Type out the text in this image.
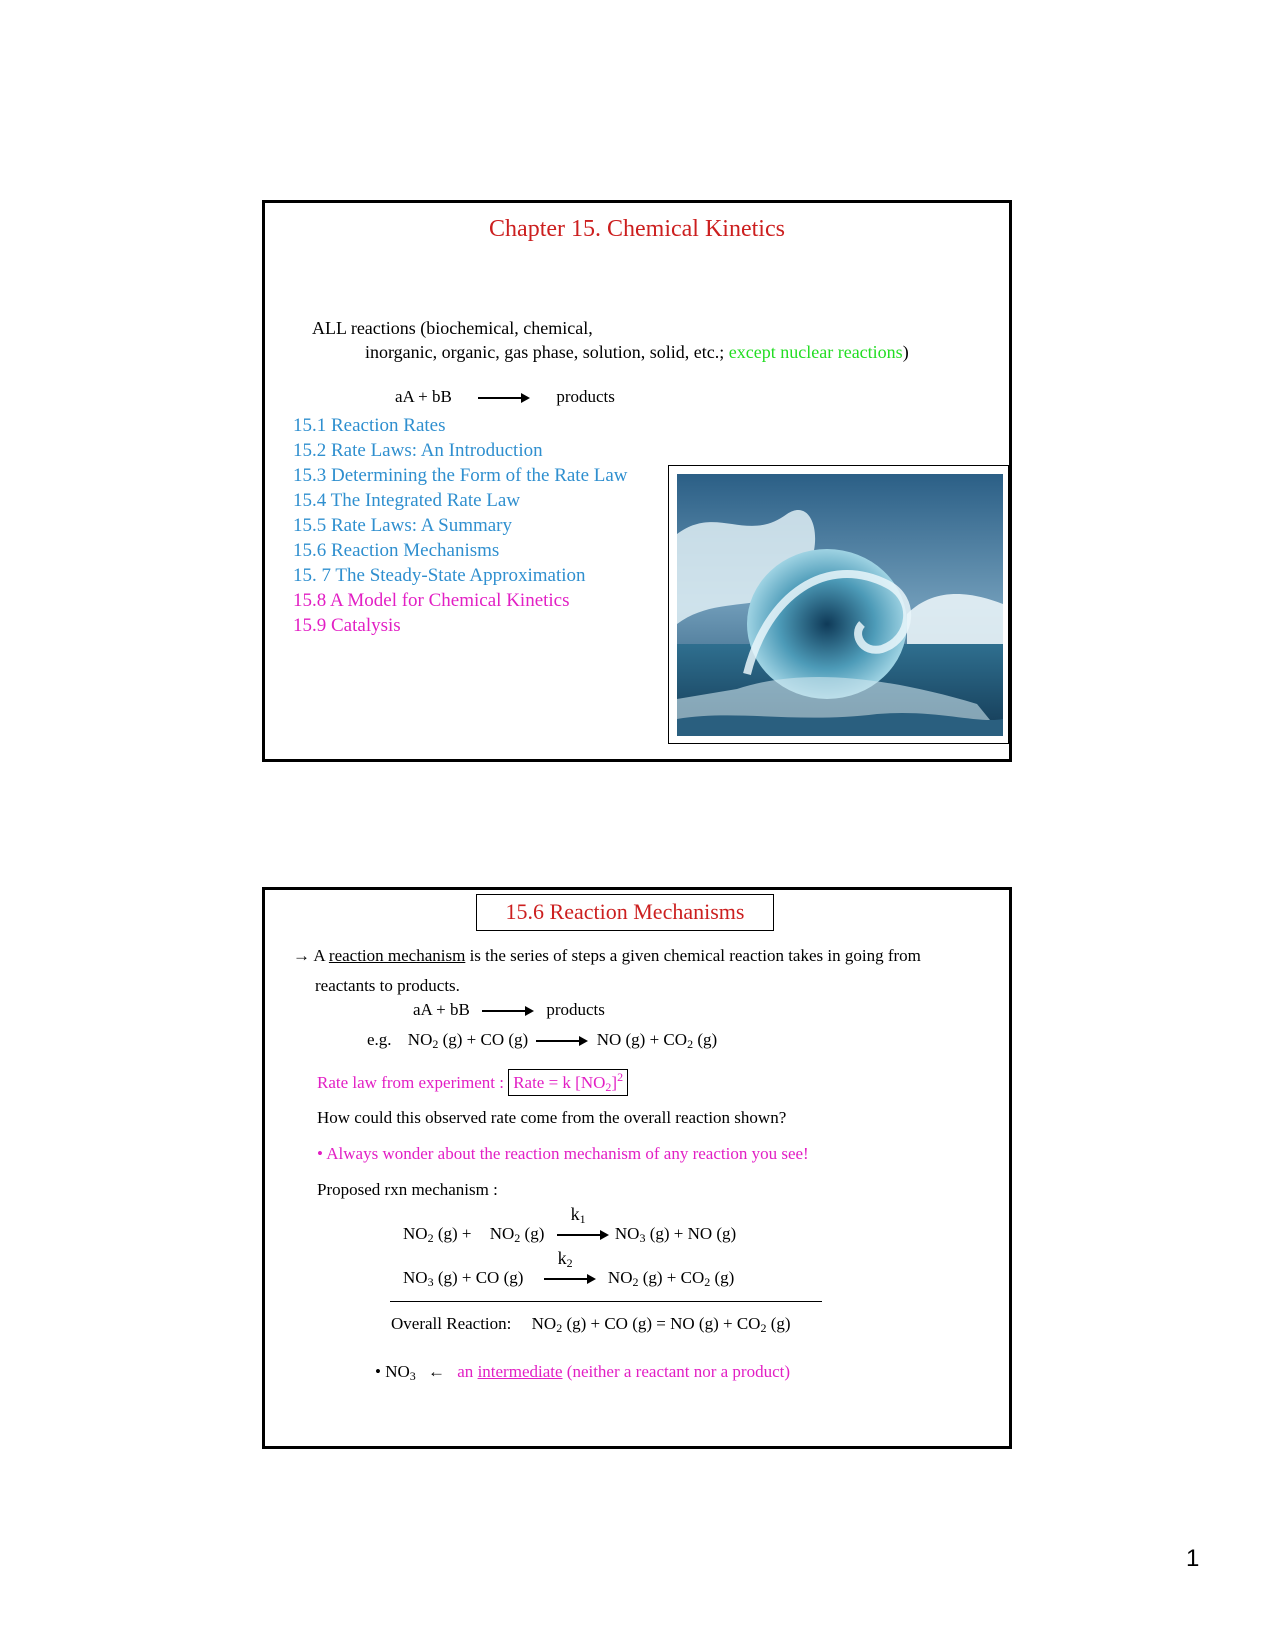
Chapter 15. Chemical Kinetics
ALL reactions (biochemical, chemical,
inorganic, organic, gas phase, solution, solid, etc.; except nuclear reactions)
aA + bB	products
15.1 Reaction Rates
15.2 Rate Laws: An Introduction
15.3 Determining the Form of the Rate Law
15.4 The Integrated Rate Law
15.5 Rate Laws: A Summary
15.6 Reaction Mechanisms
15. 7 The Steady-State Approximation
15.8 A Model for Chemical Kinetics
15.9 Catalysis
15.6 Reaction Mechanisms
→ A reaction mechanism is the series of steps a given chemical reaction takes in going from
reactants to products.
aA + bB	products
e.g. $NO_2$ (g) + CO (g)	NO $(g) + CO_2$ (g)
Rate law from experiment : Rate = k $[NO_2]^2$
How could this observed rate come from the overall reaction shown?
• Always wonder about the reaction mechanism of any reaction you see!
Proposed rxn mechanism :
$NO_2$ $(g) + NO_2$ (g)
$k_1$
$NO_3$ (g) + NO (g)
$NO_3$ (g) + CO (g)
$k_2$
$NO_2$ $(g) + CO_2$ (g)
Overall Reaction: $NO_2$ (g) + CO (g) = NO $(g) + CO_2$ (g)
• $NO_3$ ← an intermediate (neither a reactant nor a product)
1
